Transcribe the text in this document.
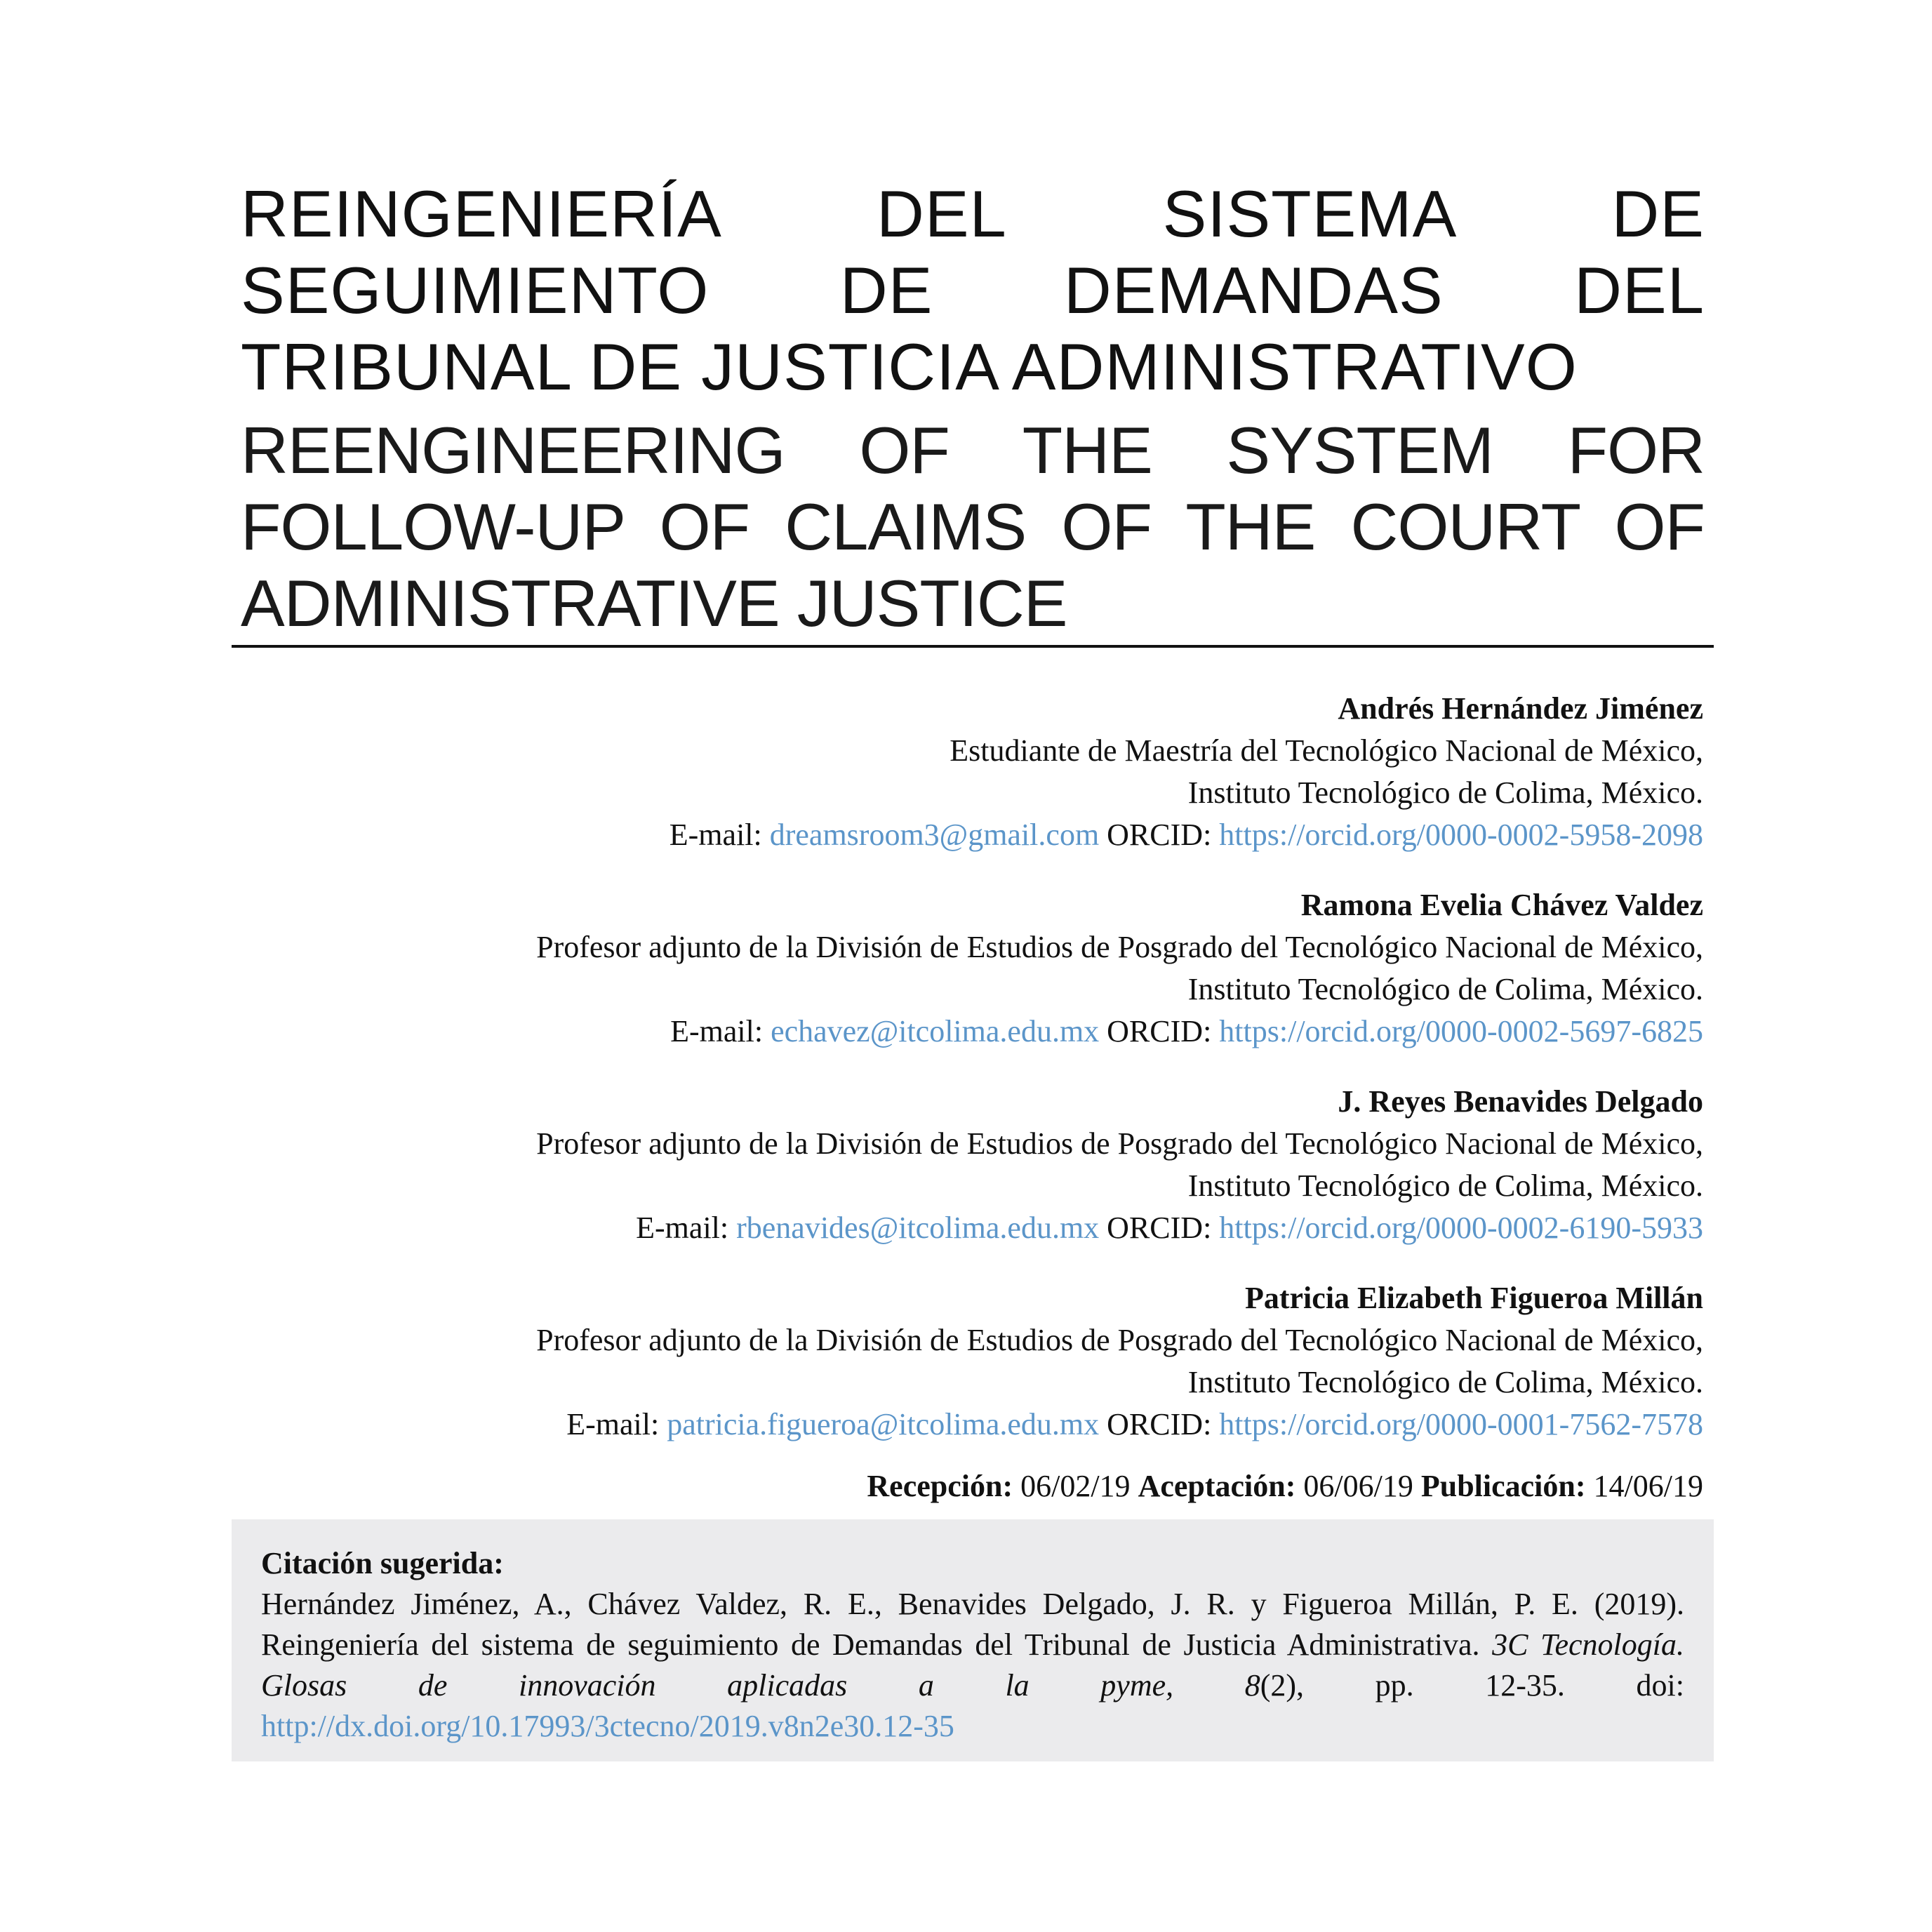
REINGENIERÍA DEL SISTEMA DE SEGUIMIENTO DE DEMANDAS DEL TRIBUNAL DE JUSTICIA ADMINISTRATIVO
REENGINEERING OF THE SYSTEM FOR FOLLOW-UP OF CLAIMS OF THE COURT OF ADMINISTRATIVE JUSTICE
Andrés Hernández Jiménez
Estudiante de Maestría del Tecnológico Nacional de México,
Instituto Tecnológico de Colima, México.
E-mail: dreamsroom3@gmail.com ORCID: https://orcid.org/0000-0002-5958-2098
Ramona Evelia Chávez Valdez
Profesor adjunto de la División de Estudios de Posgrado del Tecnológico Nacional de México,
Instituto Tecnológico de Colima, México.
E-mail: echavez@itcolima.edu.mx ORCID: https://orcid.org/0000-0002-5697-6825
J. Reyes Benavides Delgado
Profesor adjunto de la División de Estudios de Posgrado del Tecnológico Nacional de México,
Instituto Tecnológico de Colima, México.
E-mail: rbenavides@itcolima.edu.mx ORCID: https://orcid.org/0000-0002-6190-5933
Patricia Elizabeth Figueroa Millán
Profesor adjunto de la División de Estudios de Posgrado del Tecnológico Nacional de México,
Instituto Tecnológico de Colima, México.
E-mail: patricia.figueroa@itcolima.edu.mx ORCID: https://orcid.org/0000-0001-7562-7578
Recepción: 06/02/19 Aceptación: 06/06/19 Publicación: 14/06/19
Citación sugerida:
Hernández Jiménez, A., Chávez Valdez, R. E., Benavides Delgado, J. R. y Figueroa Millán, P. E. (2019). Reingeniería del sistema de seguimiento de Demandas del Tribunal de Justicia Administrativa. 3C Tecnología. Glosas de innovación aplicadas a la pyme, 8(2), pp. 12-35. doi: http://dx.doi.org/10.17993/3ctecno/2019.v8n2e30.12-35
